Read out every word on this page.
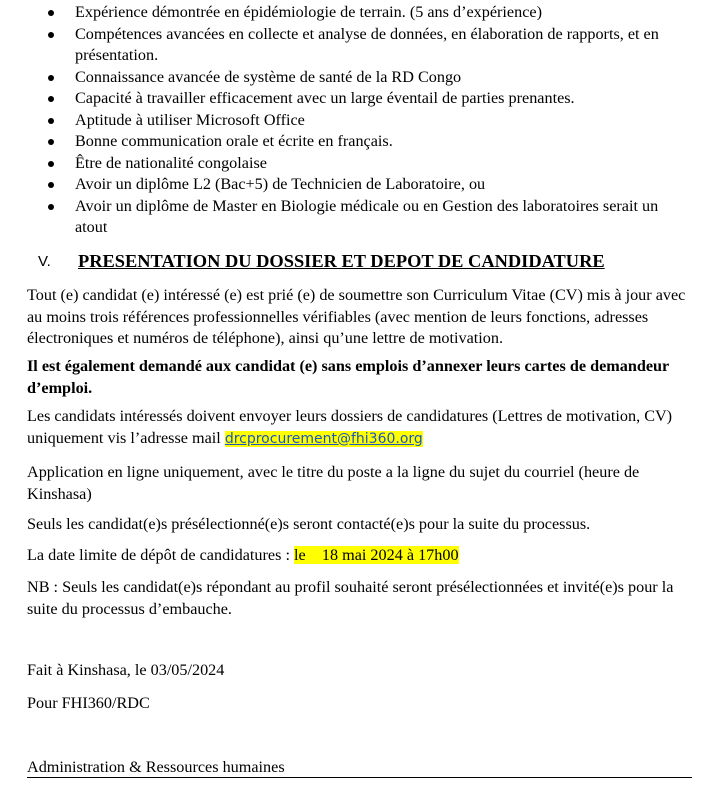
Expérience démontrée en épidémiologie de terrain. (5 ans d’expérience)
Compétences avancées en collecte et analyse de données, en élaboration de rapports, et en présentation.
Connaissance avancée de système de santé de la RD Congo
Capacité à travailler efficacement avec un large éventail de parties prenantes.
Aptitude à utiliser Microsoft Office
Bonne communication orale et écrite en français.
Être de nationalité congolaise
Avoir un diplôme L2 (Bac+5) de Technicien de Laboratoire, ou
Avoir un diplôme de Master en Biologie médicale ou en Gestion des laboratoires serait un atout
V. PRESENTATION DU DOSSIER ET DEPOT DE CANDIDATURE
Tout (e) candidat (e) intéressé (e) est prié (e) de soumettre son Curriculum Vitae (CV) mis à jour avec au moins trois références professionnelles vérifiables (avec mention de leurs fonctions, adresses électroniques et numéros de téléphone), ainsi qu’une lettre de motivation.
Il est également demandé aux candidat (e) sans emplois d’annexer leurs cartes de demandeur d’emploi.
Les candidats intéressés doivent envoyer leurs dossiers de candidatures (Lettres de motivation, CV) uniquement vis l’adresse mail drcprocurement@fhi360.org
Application en ligne uniquement, avec le titre du poste a la ligne du sujet du courriel (heure de Kinshasa)
Seuls les candidat(e)s présélectionné(e)s seront contacté(e)s pour la suite du processus.
La date limite de dépôt de candidatures : le    18 mai 2024 à 17h00
NB : Seuls les candidat(e)s répondant au profil souhaité seront présélectionnées et invité(e)s pour la suite du processus d’embauche.
Fait à Kinshasa, le 03/05/2024
Pour FHI360/RDC
Administration & Ressources humaines
